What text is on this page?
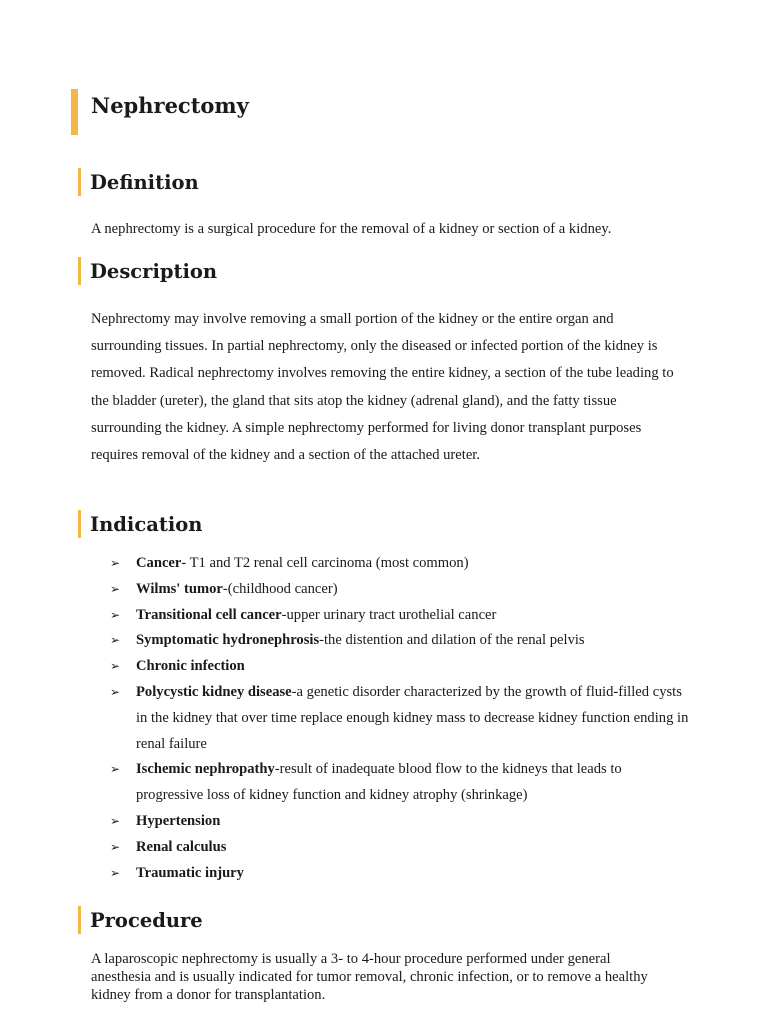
Nephrectomy
Definition

A nephrectomy is a surgical procedure for the removal of a kidney or section of a kidney.

Description

Nephrectomy may involve removing a small portion of the kidney or the entire organ and surrounding tissues. In partial nephrectomy, only the diseased or infected portion of the kidney is removed. Radical nephrectomy involves removing the entire kidney, a section of the tube leading to the bladder (ureter), the gland that sits atop the kidney (adrenal gland), and the fatty tissue surrounding the kidney. A simple nephrectomy performed for living donor transplant purposes requires removal of the kidney and a section of the attached ureter.

Indication
➢ Cancer- T1 and T2 renal cell carcinoma (most common)
➢ Wilms' tumor-(childhood cancer)
➢ Transitional cell cancer-upper urinary tract urothelial cancer
➢ Symptomatic hydronephrosis-the distention and dilation of the renal pelvis
➢ Chronic infection
➢ Polycystic kidney disease-a genetic disorder characterized by the growth of fluid-filled cysts in the kidney that over time replace enough kidney mass to decrease kidney function ending in renal failure
➢ Ischemic nephropathy-result of inadequate blood flow to the kidneys that leads to progressive loss of kidney function and kidney atrophy (shrinkage)
➢ Hypertension
➢ Renal calculus
➢ Traumatic injury
Procedure

A laparoscopic nephrectomy is usually a 3- to 4-hour procedure performed under general anesthesia and is usually indicated for tumor removal, chronic infection, or to remove a healthy kidney from a donor for transplantation.
